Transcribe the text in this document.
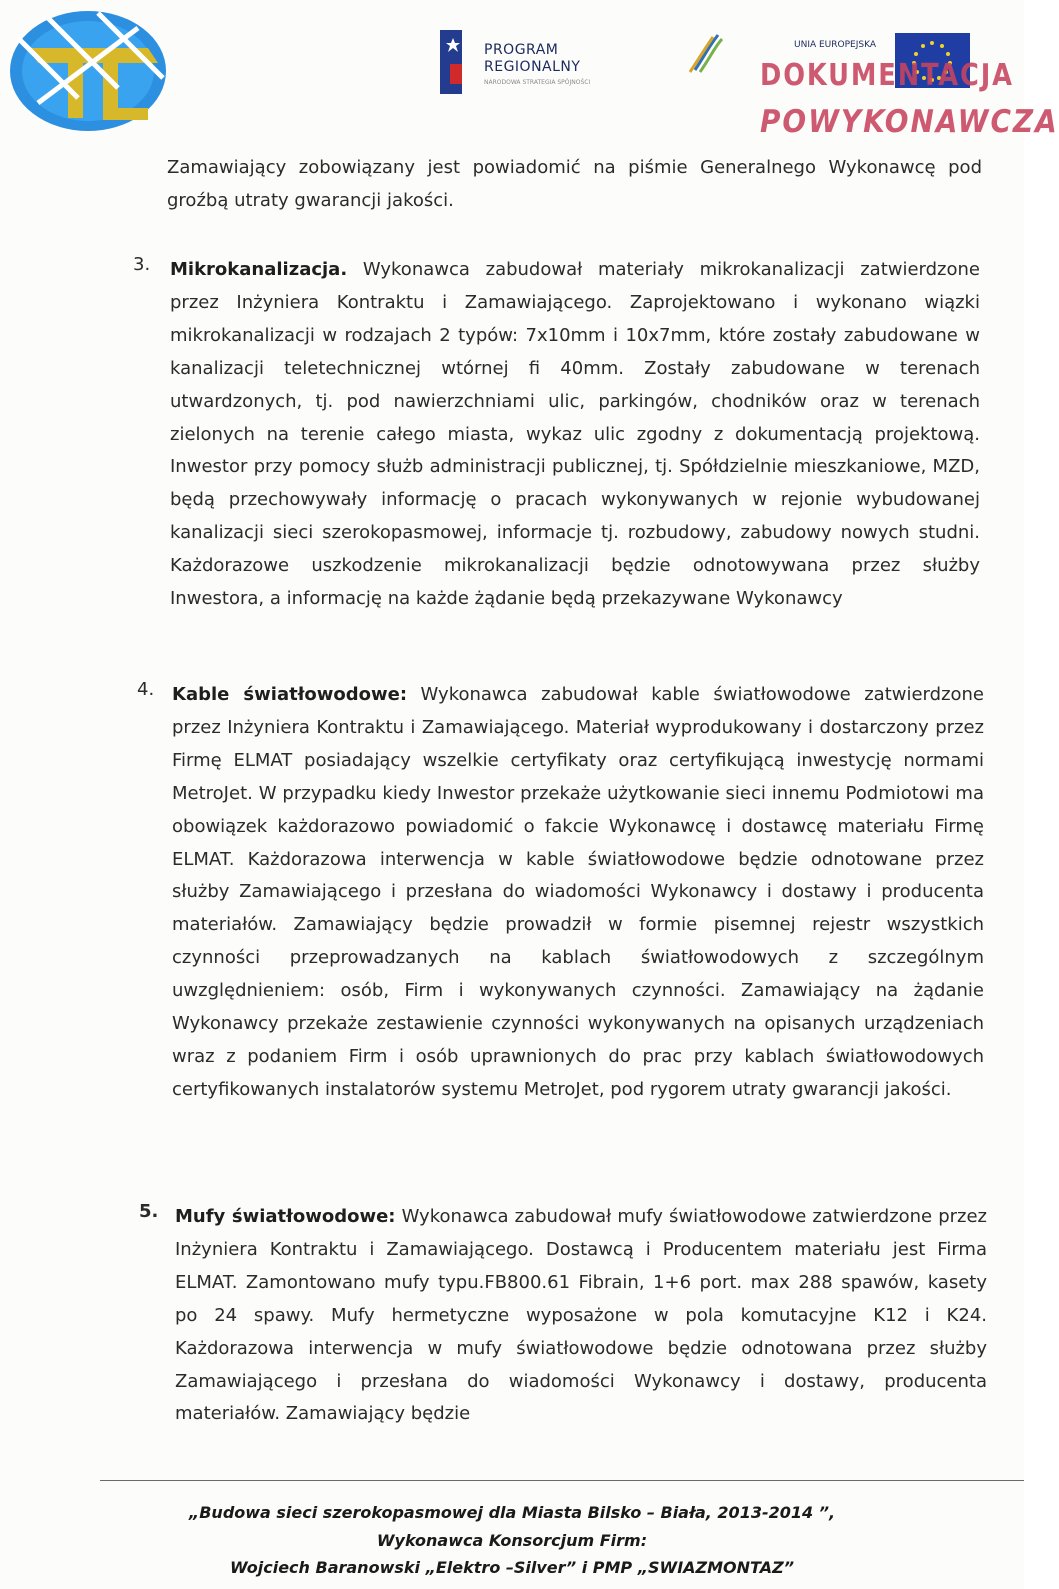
PROGRAM
REGIONALNY
NARODOWA STRATEGIA SPÓJNOŚCI
UNIA EUROPEJSKA
DOKUMENTACJA
POWYKONAWCZA
Zamawiający zobowiązany jest powiadomić na piśmie Generalnego Wykonawcę pod groźbą utraty gwarancji jakości.
3. Mikrokanalizacja. Wykonawca zabudował materiały mikrokanalizacji zatwierdzone przez Inżyniera Kontraktu i Zamawiającego. Zaprojektowano i wykonano wiązki mikrokanalizacji w rodzajach 2 typów: 7x10mm i 10x7mm, które zostały zabudowane w kanalizacji teletechnicznej wtórnej fi 40mm. Zostały zabudowane w terenach utwardzonych, tj. pod nawierzchniami ulic, parkingów, chodników oraz w terenach zielonych na terenie całego miasta, wykaz ulic zgodny z dokumentacją projektową. Inwestor przy pomocy służb administracji publicznej, tj. Spółdzielnie mieszkaniowe, MZD, będą przechowywały informację o pracach wykonywanych w rejonie wybudowanej kanalizacji sieci szerokopasmowej, informacje tj. rozbudowy, zabudowy nowych studni. Każdorazowe uszkodzenie mikrokanalizacji będzie odnotowywana przez służby Inwestora, a informację na każde żądanie będą przekazywane Wykonawcy
4. Kable światłowodowe: Wykonawca zabudował kable światłowodowe zatwierdzone przez Inżyniera Kontraktu i Zamawiającego. Materiał wyprodukowany i dostarczony przez Firmę ELMAT posiadający wszelkie certyfikaty oraz certyfikującą inwestycję normami MetroJet. W przypadku kiedy Inwestor przekaże użytkowanie sieci innemu Podmiotowi ma obowiązek każdorazowo powiadomić o fakcie Wykonawcę i dostawcę materiału Firmę ELMAT. Każdorazowa interwencja w kable światłowodowe będzie odnotowane przez służby Zamawiającego i przesłana do wiadomości Wykonawcy i dostawy i producenta materiałów. Zamawiający będzie prowadził w formie pisemnej rejestr wszystkich czynności przeprowadzanych na kablach światłowodowych z szczególnym uwzględnieniem: osób, Firm i wykonywanych czynności. Zamawiający na żądanie Wykonawcy przekaże zestawienie czynności wykonywanych na opisanych urządzeniach wraz z podaniem Firm i osób uprawnionych do prac przy kablach światłowodowych certyfikowanych instalatorów systemu MetroJet, pod rygorem utraty gwarancji jakości.
5. Mufy światłowodowe: Wykonawca zabudował mufy światłowodowe zatwierdzone przez Inżyniera Kontraktu i Zamawiającego. Dostawcą i Producentem materiału jest Firma ELMAT. Zamontowano mufy typu.FB800.61 Fibrain, 1+6 port. max 288 spawów, kasety po 24 spawy. Mufy hermetyczne wyposażone w pola komutacyjne K12 i K24. Każdorazowa interwencja w mufy światłowodowe będzie odnotowana przez służby Zamawiającego i przesłana do wiadomości Wykonawcy i dostawy, producenta materiałów. Zamawiający będzie
„Budowa sieci szerokopasmowej dla Miasta Bilsko – Biała, 2013-2014 ”,
Wykonawca Konsorcjum Firm:
Wojciech Baranowski „Elektro –Silver” i PMP „SWIAZMONTAZ”
